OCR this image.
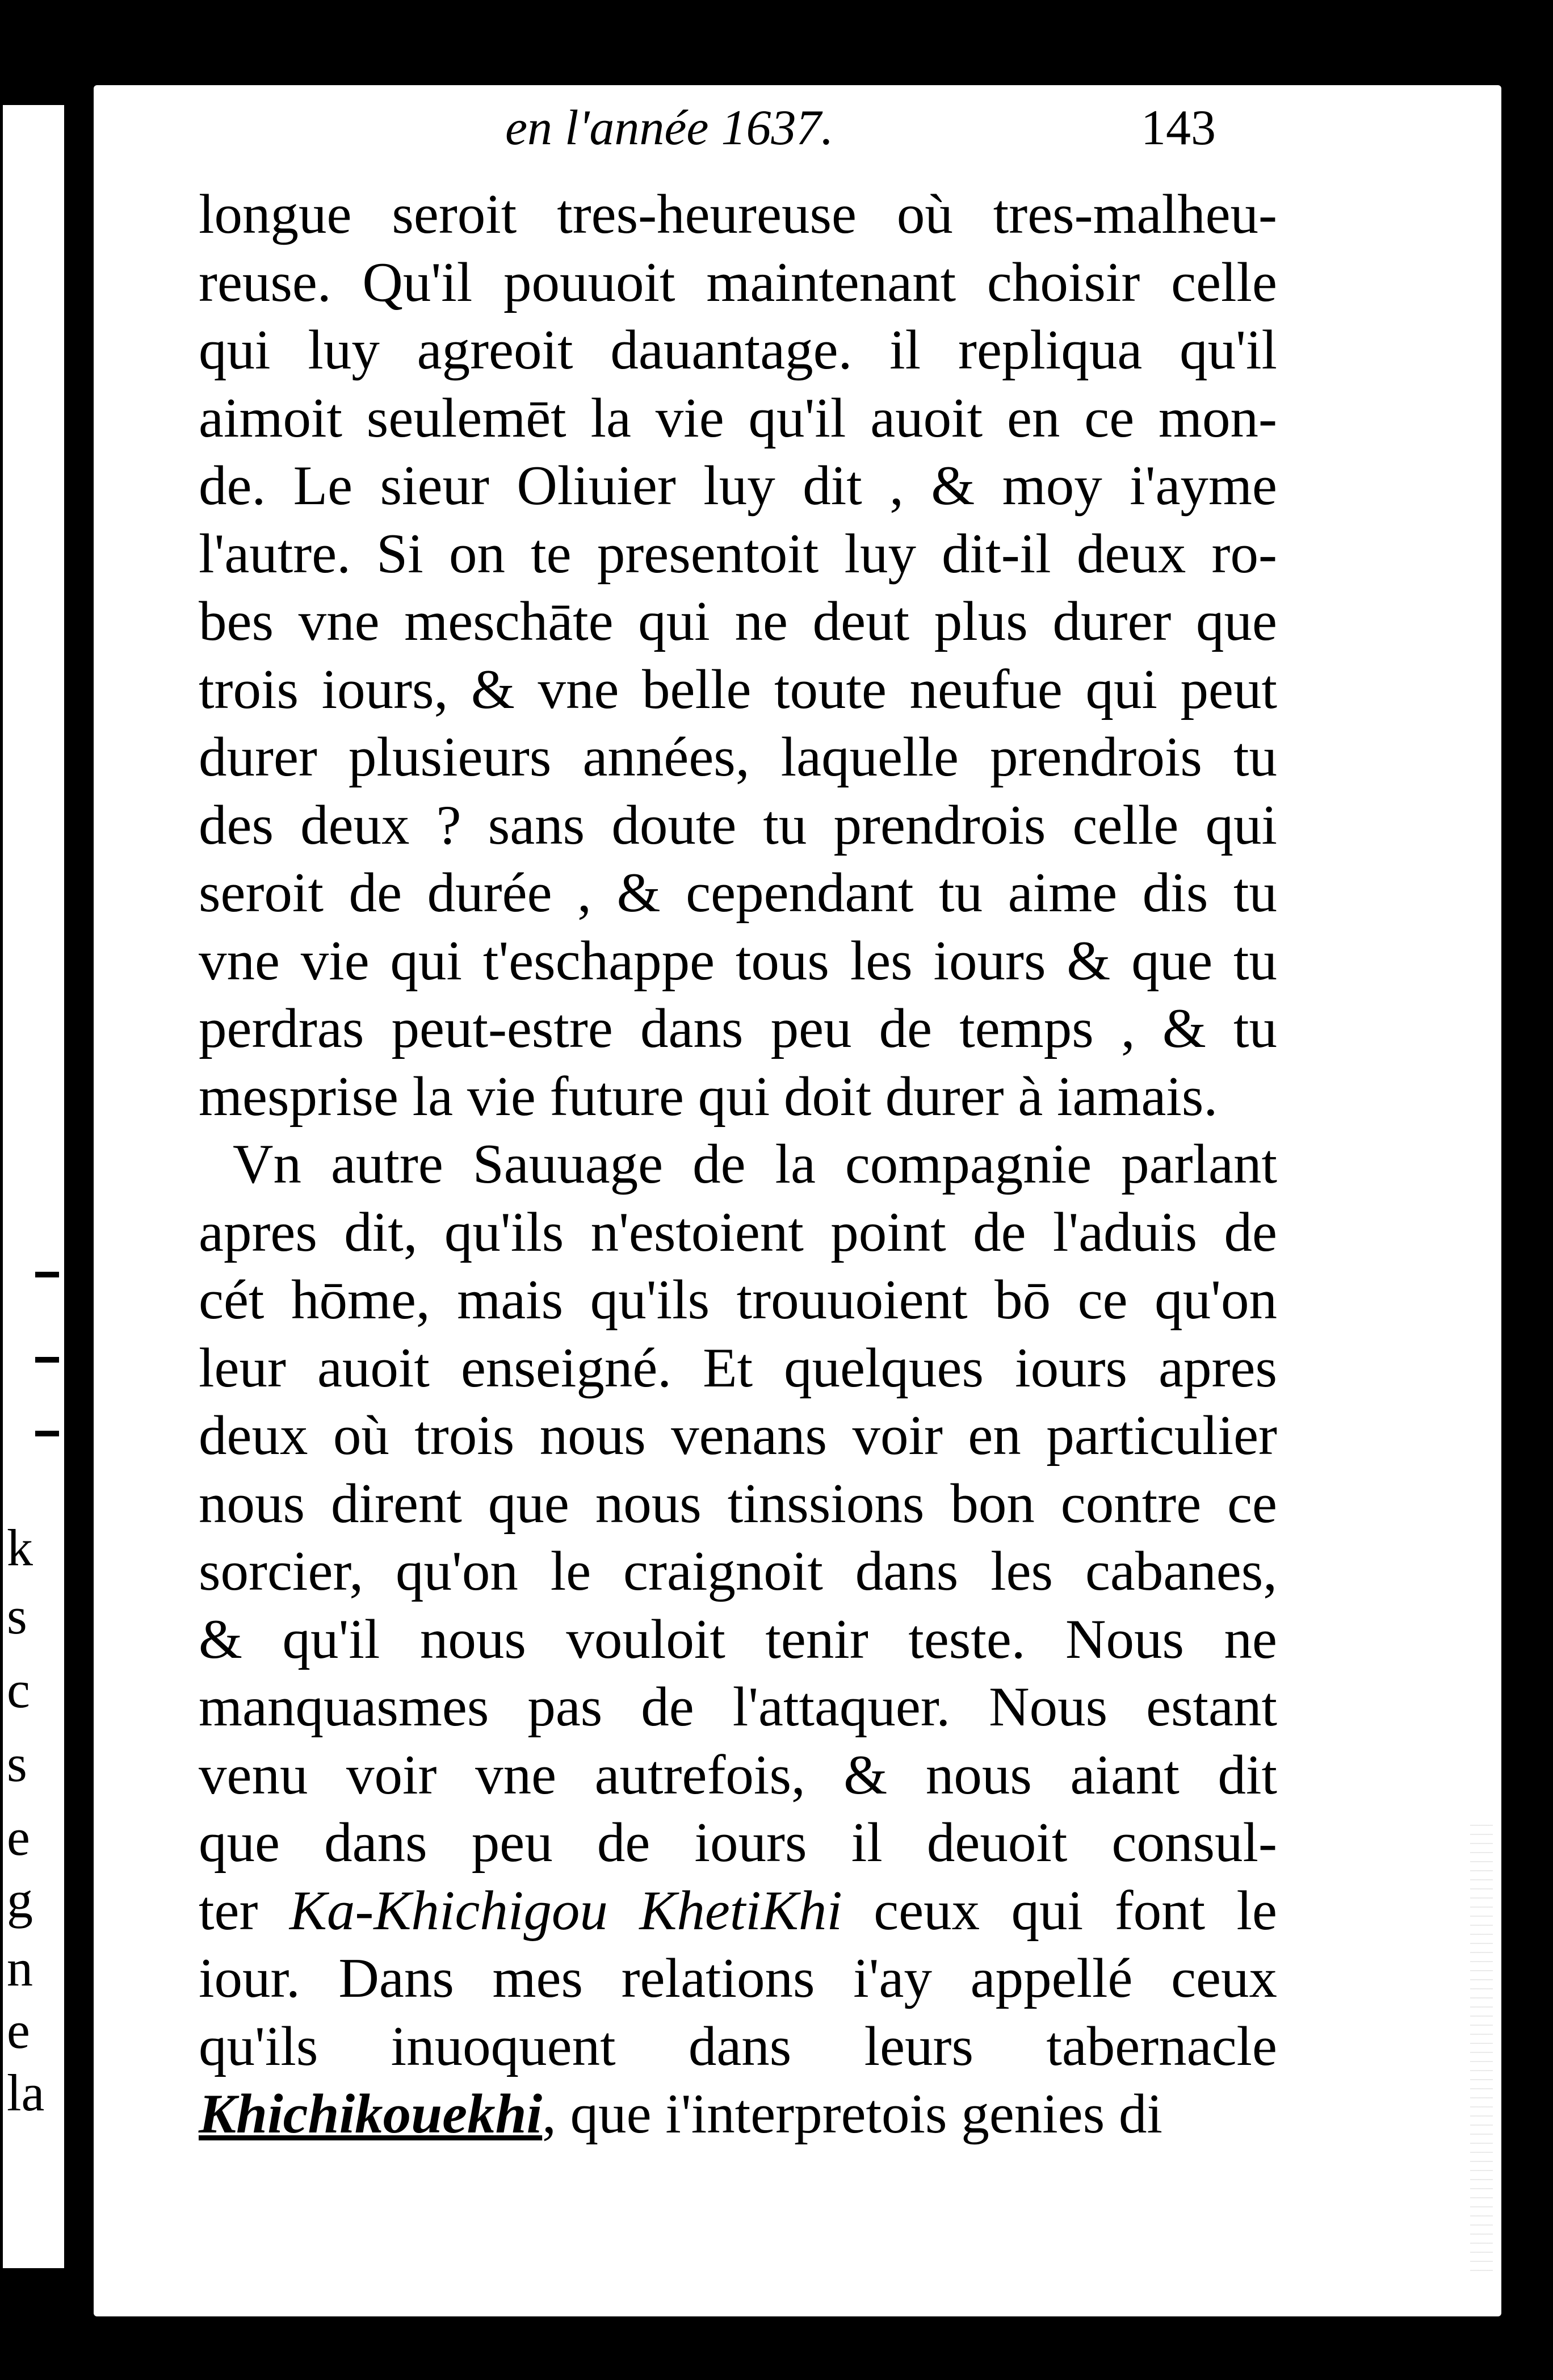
k
s
c
s
e
g
n
e
la
en l'année 1637.	143
longue seroit tres-heureuse où tres-malheu-
reuse. Qu'il pouuoit maintenant choisir celle
qui luy agreoit dauantage. il repliqua qu'il
aimoit seulemēt la vie qu'il auoit en ce mon-
de. Le sieur Oliuier luy dit , & moy i'ayme
l'autre. Si on te presentoit luy dit-il deux ro-
bes vne meschāte qui ne deut plus durer que
trois iours, & vne belle toute neufue qui peut
durer plusieurs années, laquelle prendrois tu
des deux ? sans doute tu prendrois celle qui
seroit de durée , & cependant tu aime dis tu
vne vie qui t'eschappe tous les iours & que tu
perdras peut-estre dans peu de temps , & tu
mesprise la vie future qui doit durer à iamais.
Vn autre Sauuage de la compagnie parlant
apres dit, qu'ils n'estoient point de l'aduis de
cét hōme, mais qu'ils trouuoient bō ce qu'on
leur auoit enseigné. Et quelques iours apres
deux où trois nous venans voir en particulier
nous dirent que nous tinssions bon contre ce
sorcier, qu'on le craignoit dans les cabanes,
& qu'il nous vouloit tenir teste. Nous ne
manquasmes pas de l'attaquer. Nous estant
venu voir vne autrefois, & nous aiant dit
que dans peu de iours il deuoit consul-
ter Ka-Khichigou KhetiKhi ceux qui font le
iour. Dans mes relations i'ay appellé ceux
qu'ils inuoquent dans leurs tabernacle
Khichikouekhi, que i'interpretois genies di
